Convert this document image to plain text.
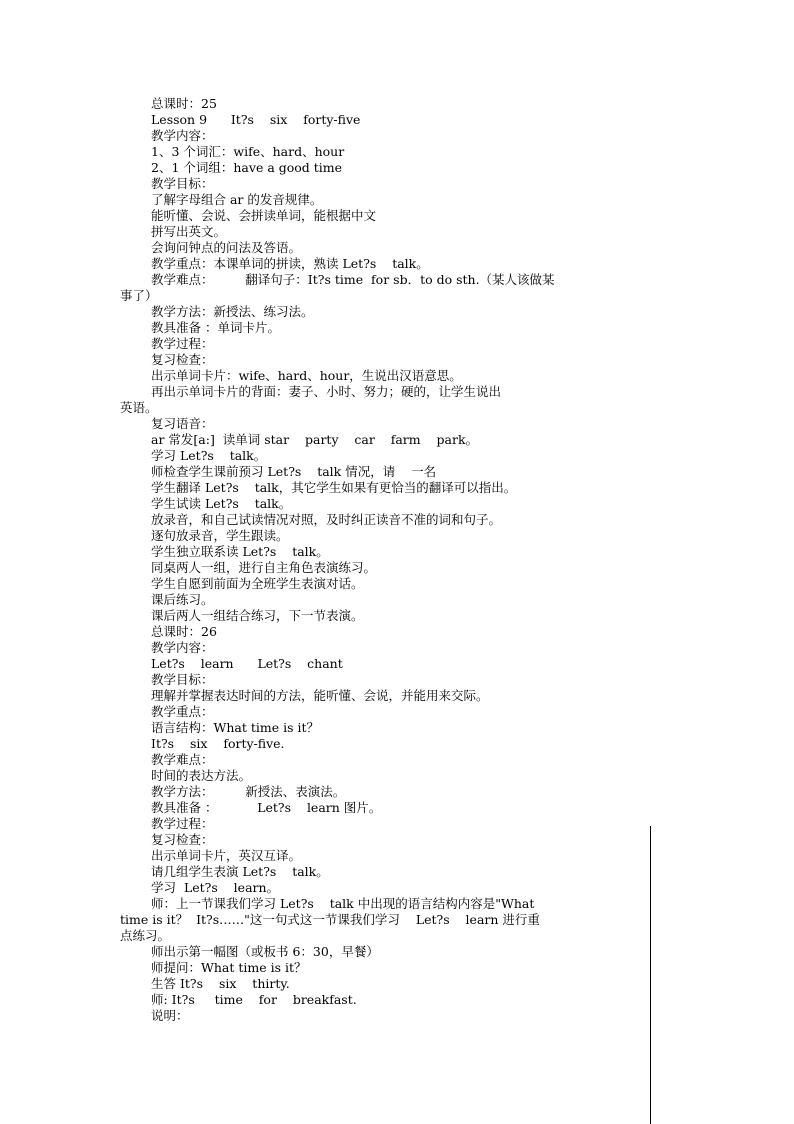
总课时：25
Lesson 9      It?s    six    forty-five
教学内容：
1、3 个词汇：wife、hard、hour
2、1 个词组：have a good time
教学目标：
了解字母组合 ar 的发音规律。
能听懂、会说、会拼读单词，能根据中文
拼写出英文。
会询问钟点的问法及答语。
教学重点：本课单词的拼读，熟读 Let?s    talk。
教学难点：        翻译句子：It?s time  for sb．to do sth.（某人该做某
事了）
教学方法：新授法、练习法。
教具准备 ：单词卡片。
教学过程：
复习检查：
出示单词卡片：wife、hard、hour，生说出汉语意思。
再出示单词卡片的背面：妻子、小时、努力；硬的，让学生说出
英语。
复习语音：
ar 常发[a:]  读单词 star    party    car    farm    park。
学习 Let?s    talk。
师检查学生课前预习 Let?s    talk 情况，请    一名
学生翻译 Let?s    talk，其它学生如果有更恰当的翻译可以指出。
学生试读 Let?s    talk。
放录音，和自己试读情况对照，及时纠正读音不准的词和句子。
逐句放录音，学生跟读。
学生独立联系读 Let?s    talk。
同桌两人一组，进行自主角色表演练习。
学生自愿到前面为全班学生表演对话。
课后练习。
课后两人一组结合练习，下一节表演。
总课时：26
教学内容：
Let?s    learn      Let?s    chant
教学目标：
理解并掌握表达时间的方法，能听懂、会说，并能用来交际。
教学重点：
语言结构：What time is it？
It?s    six    forty-five.
教学难点：
时间的表达方法。
教学方法：        新授法、表演法。
教具准备 ：          Let?s    learn 图片。
教学过程：
复习检查：
出示单词卡片，英汉互译。
请几组学生表演 Let?s    talk。
学习  Let?s    learn。
师：上一节课我们学习 Let?s    talk 中出现的语言结构内容是"What
time is it？  It?s……"这一句式这一节课我们学习    Let?s    learn 进行重
点练习。
师出示第一幅图（或板书 6：30，早餐）
师提问：What time is it？
生答 It?s    six    thirty.
师: It?s     time    for    breakfast.
说明：
